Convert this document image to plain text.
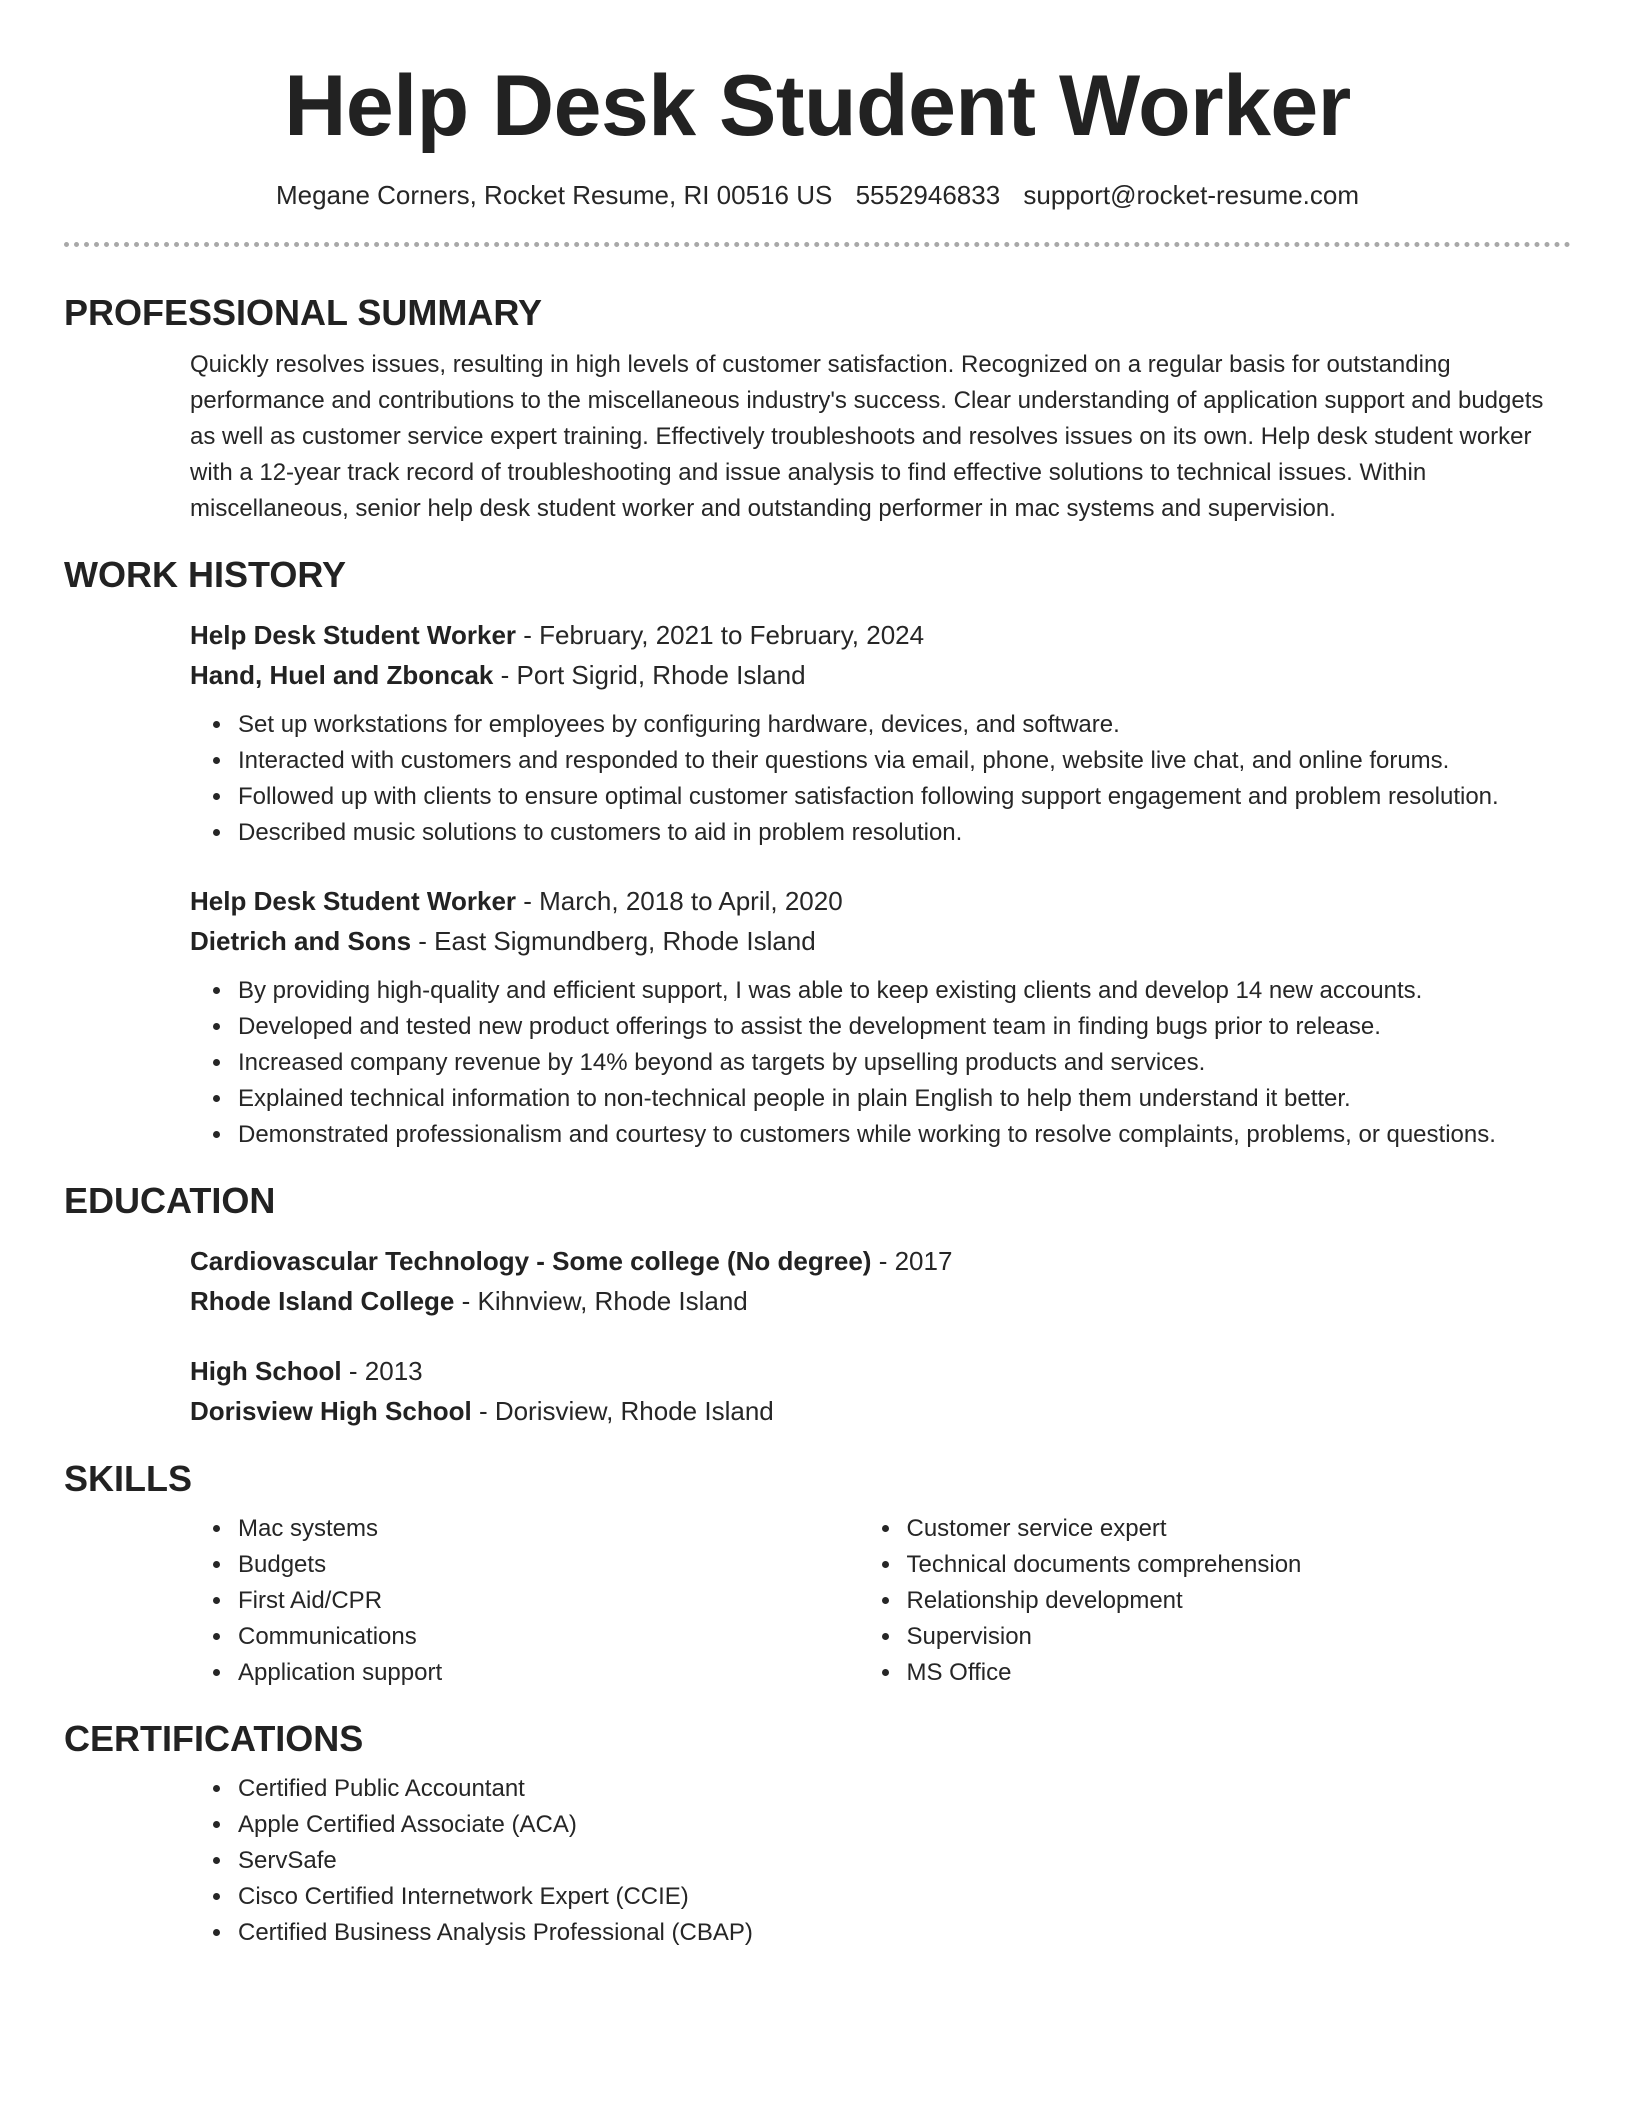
Help Desk Student Worker
Megane Corners, Rocket Resume, RI 00516 US 5552946833 support@rocket-resume.com
PROFESSIONAL SUMMARY
Quickly resolves issues, resulting in high levels of customer satisfaction. Recognized on a regular basis for outstanding performance and contributions to the miscellaneous industry's success. Clear understanding of application support and budgets as well as customer service expert training. Effectively troubleshoots and resolves issues on its own. Help desk student worker with a 12-year track record of troubleshooting and issue analysis to find effective solutions to technical issues. Within miscellaneous, senior help desk student worker and outstanding performer in mac systems and supervision.
WORK HISTORY
Help Desk Student Worker - February, 2021 to February, 2024
Hand, Huel and Zboncak - Port Sigrid, Rhode Island
• Set up workstations for employees by configuring hardware, devices, and software.
• Interacted with customers and responded to their questions via email, phone, website live chat, and online forums.
• Followed up with clients to ensure optimal customer satisfaction following support engagement and problem resolution.
• Described music solutions to customers to aid in problem resolution.
Help Desk Student Worker - March, 2018 to April, 2020
Dietrich and Sons - East Sigmundberg, Rhode Island
• By providing high-quality and efficient support, I was able to keep existing clients and develop 14 new accounts.
• Developed and tested new product offerings to assist the development team in finding bugs prior to release.
• Increased company revenue by 14% beyond as targets by upselling products and services.
• Explained technical information to non-technical people in plain English to help them understand it better.
• Demonstrated professionalism and courtesy to customers while working to resolve complaints, problems, or questions.
EDUCATION
Cardiovascular Technology - Some college (No degree) - 2017
Rhode Island College - Kihnview, Rhode Island
High School - 2013
Dorisview High School - Dorisview, Rhode Island
SKILLS
• Mac systems
• Budgets
• First Aid/CPR
• Communications
• Application support
• Customer service expert
• Technical documents comprehension
• Relationship development
• Supervision
• MS Office
CERTIFICATIONS
• Certified Public Accountant
• Apple Certified Associate (ACA)
• ServSafe
• Cisco Certified Internetwork Expert (CCIE)
• Certified Business Analysis Professional (CBAP)
